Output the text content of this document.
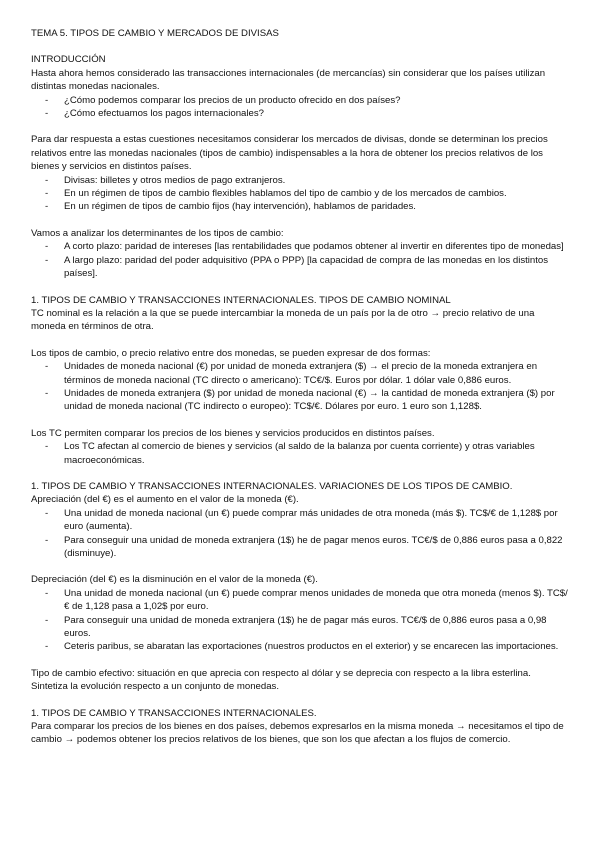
TEMA 5. TIPOS DE CAMBIO Y MERCADOS DE DIVISAS

INTRODUCCIÓN

Hasta ahora hemos considerado las transacciones internacionales (de mercancías) sin considerar que los países utilizan distintas monedas nacionales.

- ¿Cómo podemos comparar los precios de un producto ofrecido en dos países?
- ¿Cómo efectuamos los pagos internacionales?

Para dar respuesta a estas cuestiones necesitamos considerar los mercados de divisas, donde se determinan los precios relativos entre las monedas nacionales (tipos de cambio) indispensables a la hora de obtener los precios relativos de los bienes y servicios en distintos países.

- Divisas: billetes y otros medios de pago extranjeros.
- En un régimen de tipos de cambio flexibles hablamos del tipo de cambio y de los mercados de cambios.
- En un régimen de tipos de cambio fijos (hay intervención), hablamos de paridades.

Vamos a analizar los determinantes de los tipos de cambio:

- A corto plazo: paridad de intereses [las rentabilidades que podamos obtener al invertir en diferentes tipo de monedas]
- A largo plazo: paridad del poder adquisitivo (PPA o PPP) [la capacidad de compra de las monedas en los distintos países].

1. TIPOS DE CAMBIO Y TRANSACCIONES INTERNACIONALES. TIPOS DE CAMBIO NOMINAL

TC nominal es la relación a la que se puede intercambiar la moneda de un país por la de otro → precio relativo de una moneda en términos de otra.

Los tipos de cambio, o precio relativo entre dos monedas, se pueden expresar de dos formas:

- Unidades de moneda nacional (€) por unidad de moneda extranjera ($) → el precio de la moneda extranjera en términos de moneda nacional (TC directo o americano): TC€/$. Euros por dólar. 1 dólar vale 0,886 euros.
- Unidades de moneda extranjera ($) por unidad de moneda nacional (€) → la cantidad de moneda extranjera ($) por unidad de moneda nacional (TC indirecto o europeo): TC$/€. Dólares por euro. 1 euro son 1,128$.

Los TC permiten comparar los precios de los bienes y servicios producidos en distintos países.

- Los TC afectan al comercio de bienes y servicios (al saldo de la balanza por cuenta corriente) y otras variables macroeconómicas.

1. TIPOS DE CAMBIO Y TRANSACCIONES INTERNACIONALES. VARIACIONES DE LOS TIPOS DE CAMBIO.

Apreciación (del €) es el aumento en el valor de la moneda (€).

- Una unidad de moneda nacional (un €) puede comprar más unidades de otra moneda (más $). TC$/€ de 1,128$ por euro (aumenta).
- Para conseguir una unidad de moneda extranjera (1$) he de pagar menos euros. TC€/$ de 0,886 euros pasa a 0,822 (disminuye).

Depreciación (del €) es la disminución en el valor de la moneda (€).

- Una unidad de moneda nacional (un €) puede comprar menos unidades de moneda que otra moneda (menos $). TC$/€ de 1,128 pasa a 1,02$ por euro.
- Para conseguir una unidad de moneda extranjera (1$) he de pagar más euros. TC€/$ de 0,886 euros pasa a 0,98 euros.
- Ceteris paribus, se abaratan las exportaciones (nuestros productos en el exterior) y se encarecen las importaciones.

Tipo de cambio efectivo: situación en que aprecia con respecto al dólar y se deprecia con respecto a la libra esterlina.

Sintetiza la evolución respecto a un conjunto de monedas.

1. TIPOS DE CAMBIO Y TRANSACCIONES INTERNACIONALES.

Para comparar los precios de los bienes en dos países, debemos expresarlos en la misma moneda → necesitamos el tipo de cambio → podemos obtener los precios relativos de los bienes, que son los que afectan a los flujos de comercio.
